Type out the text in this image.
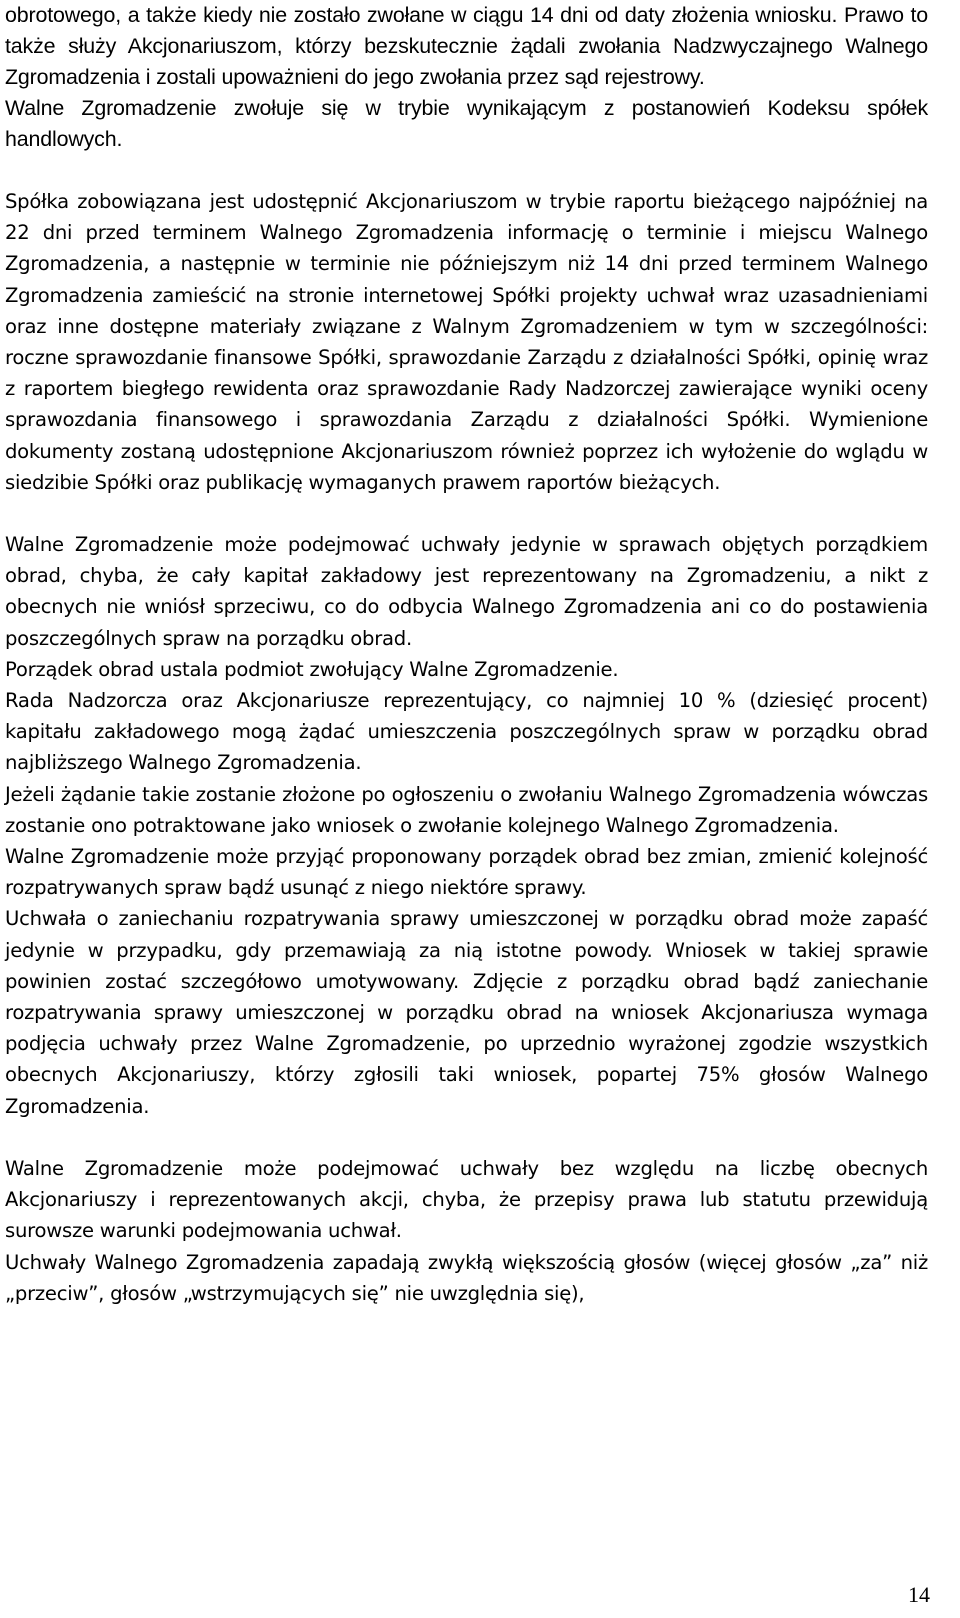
obrotowego, a także kiedy nie zostało zwołane w ciągu 14 dni od daty złożenia wniosku. Prawo to także służy Akcjonariuszom, którzy bezskutecznie żądali zwołania Nadzwyczajnego Walnego Zgromadzenia i zostali upoważnieni do jego zwołania przez sąd rejestrowy.

Walne Zgromadzenie zwołuje się w trybie wynikającym z postanowień Kodeksu spółek handlowych.

Spółka zobowiązana jest udostępnić Akcjonariuszom w trybie raportu bieżącego najpóźniej na 22 dni przed terminem Walnego Zgromadzenia informację o terminie i miejscu Walnego Zgromadzenia, a następnie w terminie nie późniejszym niż 14 dni przed terminem Walnego Zgromadzenia zamieścić na stronie internetowej Spółki projekty uchwał wraz uzasadnieniami oraz inne dostępne materiały związane z Walnym Zgromadzeniem w tym w szczególności: roczne sprawozdanie finansowe Spółki, sprawozdanie Zarządu z działalności Spółki, opinię wraz z raportem biegłego rewidenta oraz sprawozdanie Rady Nadzorczej zawierające wyniki oceny sprawozdania finansowego i sprawozdania Zarządu z działalności Spółki. Wymienione dokumenty zostaną udostępnione Akcjonariuszom również poprzez ich wyłożenie do wglądu w siedzibie Spółki oraz publikację wymaganych prawem raportów bieżących.

Walne Zgromadzenie może podejmować uchwały jedynie w sprawach objętych porządkiem obrad, chyba, że cały kapitał zakładowy jest reprezentowany na Zgromadzeniu, a nikt z obecnych nie wniósł sprzeciwu, co do odbycia Walnego Zgromadzenia ani co do postawienia poszczególnych spraw na porządku obrad.

Porządek obrad ustala podmiot zwołujący Walne Zgromadzenie.

Rada Nadzorcza oraz Akcjonariusze reprezentujący, co najmniej 10 % (dziesięć procent) kapitału zakładowego mogą żądać umieszczenia poszczególnych spraw w porządku obrad najbliższego Walnego Zgromadzenia.

Jeżeli żądanie takie zostanie złożone po ogłoszeniu o zwołaniu Walnego Zgromadzenia wówczas zostanie ono potraktowane jako wniosek o zwołanie kolejnego Walnego Zgromadzenia.

Walne Zgromadzenie może przyjąć proponowany porządek obrad bez zmian, zmienić kolejność rozpatrywanych spraw bądź usunąć z niego niektóre sprawy.

Uchwała o zaniechaniu rozpatrywania sprawy umieszczonej w porządku obrad może zapaść jedynie w przypadku, gdy przemawiają za nią istotne powody. Wniosek w takiej sprawie powinien zostać szczegółowo umotywowany. Zdjęcie z porządku obrad bądź zaniechanie rozpatrywania sprawy umieszczonej w porządku obrad na wniosek Akcjonariusza wymaga podjęcia uchwały przez Walne Zgromadzenie, po uprzednio wyrażonej zgodzie wszystkich obecnych Akcjonariuszy, którzy zgłosili taki wniosek, popartej 75% głosów Walnego Zgromadzenia.

Walne Zgromadzenie może podejmować uchwały bez względu na liczbę obecnych Akcjonariuszy i reprezentowanych akcji, chyba, że przepisy prawa lub statutu przewidują surowsze warunki podejmowania uchwał.

Uchwały Walnego Zgromadzenia zapadają zwykłą większością głosów (więcej głosów „za” niż „przeciw”, głosów „wstrzymujących się” nie uwzględnia się),

14
